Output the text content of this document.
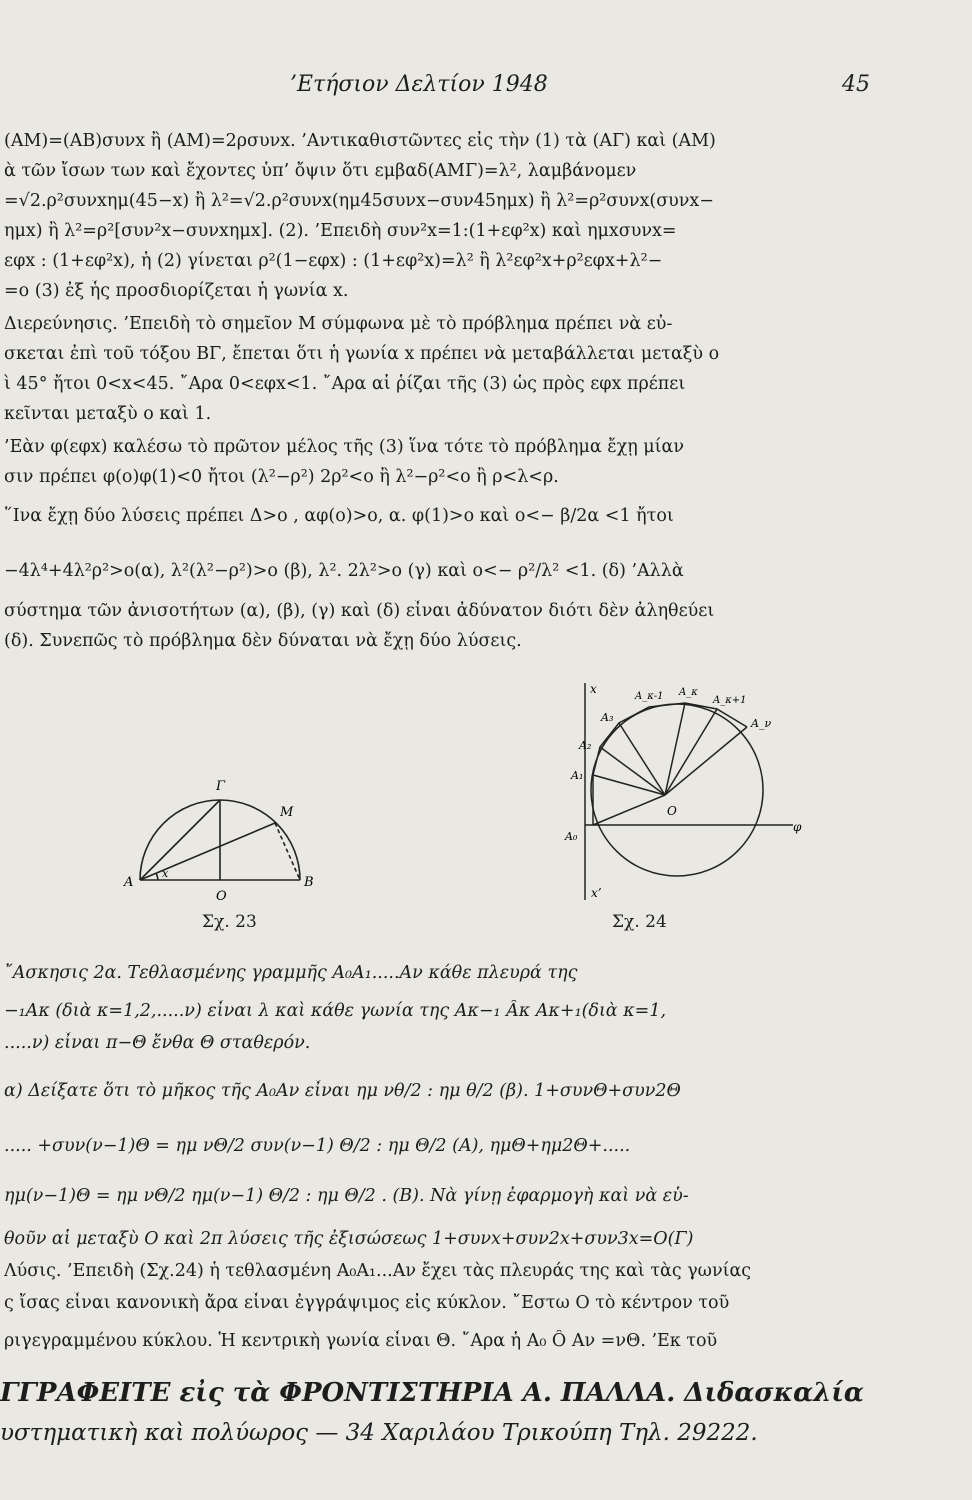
’Ετήσιον Δελτίον 1948	45
(ΑΜ)=(ΑΒ)συνx ἢ (ΑΜ)=2ρσυνx. ’Αντικαθιστῶντες εἰς τὴν (1) τὰ (ΑΓ) καὶ (ΑΜ)
ὰ τῶν ἴσων των καὶ ἔχοντες ὑπ’ ὄψιν ὅτι εμβαδ(ΑΜΓ)=λ², λαμβάνομεν
=√2.ρ²συνxημ(45−x) ἢ λ²=√2.ρ²συνx(ημ45συνx−συν45ημx) ἢ λ²=ρ²συνx(συνx−
ημx) ἢ λ²=ρ²[συν²x−συνxημx]. (2). ’Επειδὴ συν²x=1:(1+εφ²x) καὶ ημxσυνx=
εφx : (1+εφ²x), ἡ (2) γίνεται ρ²(1−εφx) : (1+εφ²x)=λ² ἢ λ²εφ²x+ρ²εφx+λ²−
=ο (3) ἐξ ἧς προσδιορίζεται ἡ γωνία x.
Διερεύνησις. ’Επειδὴ τὸ σημεῖον Μ σύμφωνα μὲ τὸ πρόβλημα πρέπει νὰ εὐ-
σκεται ἐπὶ τοῦ τόξου ΒΓ, ἔπεται ὅτι ἡ γωνία x πρέπει νὰ μεταβάλλεται μεταξὺ ο
ὶ 45° ἤτοι 0<x<45. ῎Αρα 0<εφx<1. ῎Αρα αἱ ῥίζαι τῆς (3) ὡς πρὸς εφx πρέπει
κεῖνται μεταξὺ ο καὶ 1.
’Εὰν φ(εφx) καλέσω τὸ πρῶτον μέλος τῆς (3) ἵνα τότε τὸ πρόβλημα ἔχῃ μίαν
σιν πρέπει φ(ο)φ(1)<0 ἤτοι (λ²−ρ²) 2ρ²<ο ἢ λ²−ρ²<ο ἢ ρ<λ<ρ.
῞Ινα ἔχῃ δύο λύσεις πρέπει Δ>ο , αφ(ο)>ο, α. φ(1)>ο καὶ ο<− β/2α <1 ἤτοι
−4λ⁴+4λ²ρ²>ο(α), λ²(λ²−ρ²)>ο (β), λ². 2λ²>ο (γ) καὶ ο<− ρ²/λ² <1. (δ) ’Αλλὰ
σύστημα τῶν ἀνισοτήτων (α), (β), (γ) καὶ (δ) εἶναι ἀδύνατον διότι δὲν ἀληθεύει
(δ). Συνεπῶς τὸ πρόβλημα δὲν δύναται νὰ ἔχῃ δύο λύσεις.
Γ
Μ
Α
Ο
Β
x
Σχ. 23
x
x’
φ
Ο
Α₀
Α₁
Α₂
Α₃
Α_κ-1 Α_κ
Α_κ+1
Α_ν
Σχ. 24
῎Ασκησις 2α. Τεθλασμένης γραμμῆς Α₀Α₁.....Αν κάθε πλευρά της
−₁Ακ (διὰ κ=1,2,.....ν) εἶναι λ καὶ κάθε γωνία της Ακ−₁ Âκ Ακ+₁(διὰ κ=1,
.....ν) εἶναι π−Θ ἔνθα Θ σταθερόν.
α) Δείξατε ὅτι τὸ μῆκος τῆς Α₀Αν εἶναι ημ νθ/2 : ημ θ/2 (β). 1+συνΘ+συν2Θ
..... +συν(ν−1)Θ = ημ νΘ/2 συν(ν−1) Θ/2 : ημ Θ/2 (Α), ημΘ+ημ2Θ+.....
ημ(ν−1)Θ = ημ νΘ/2 ημ(ν−1) Θ/2 : ημ Θ/2 . (Β). Νὰ γίνῃ ἐφαρμογὴ καὶ νὰ εὑ-
θοῦν αἱ μεταξὺ Ο καὶ 2π λύσεις τῆς ἐξισώσεως 1+συνx+συν2x+συν3x=O(Γ)
Λύσις. ’Επειδὴ (Σχ.24) ἡ τεθλασμένη Α₀Α₁...Αν ἔχει τὰς πλευράς της καὶ τὰς γωνίας
ς ἴσας εἶναι κανονικὴ ἄρα εἶναι ἐγγράψιμος εἰς κύκλον. ῎Εστω Ο τὸ κέντρον τοῦ
ριγεγραμμένου κύκλου. Ἡ κεντρικὴ γωνία εἶναι Θ. ῎Αρα ἡ Α₀ Ô Αν =νΘ. ’Εκ τοῦ
ΓΓΡΑΦΕΙΤΕ εἰς τὰ ΦΡΟΝΤΙΣΤΗΡΙΑ Α. ΠΑΛΛΑ. Διδασκαλία
υστηματικὴ καὶ πολύωρος — 34 Χαριλάου Τρικούπη Τηλ. 29222.
